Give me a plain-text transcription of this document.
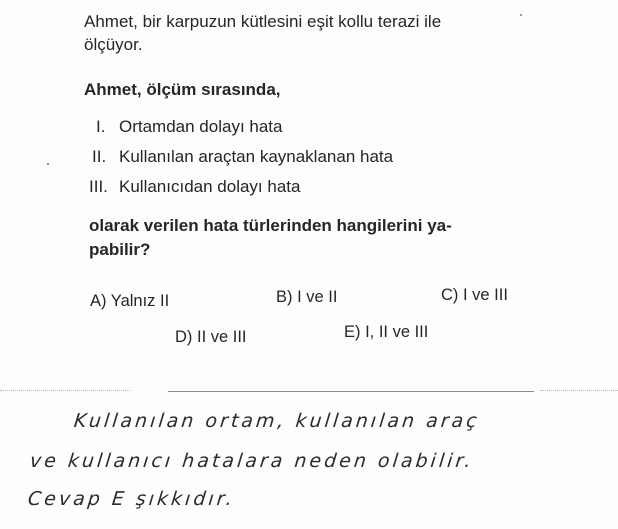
Ahmet, bir karpuzun kütlesini eşit kollu terazi ile
ölçüyor.
Ahmet, ölçüm sırasında,
I. Ortamdan dolayı hata
II. Kullanılan araçtan kaynaklanan hata
III. Kullanıcıdan dolayı hata
olarak verilen hata türlerinden hangilerini ya-
pabilir?
A) Yalnız II	B) I ve II	C) I ve III
D) II ve III	E) I, II ve III
Kullanılan ortam, kullanılan araç
ve kullanıcı hatalara neden olabilir.
Cevap E şıkkıdır.
